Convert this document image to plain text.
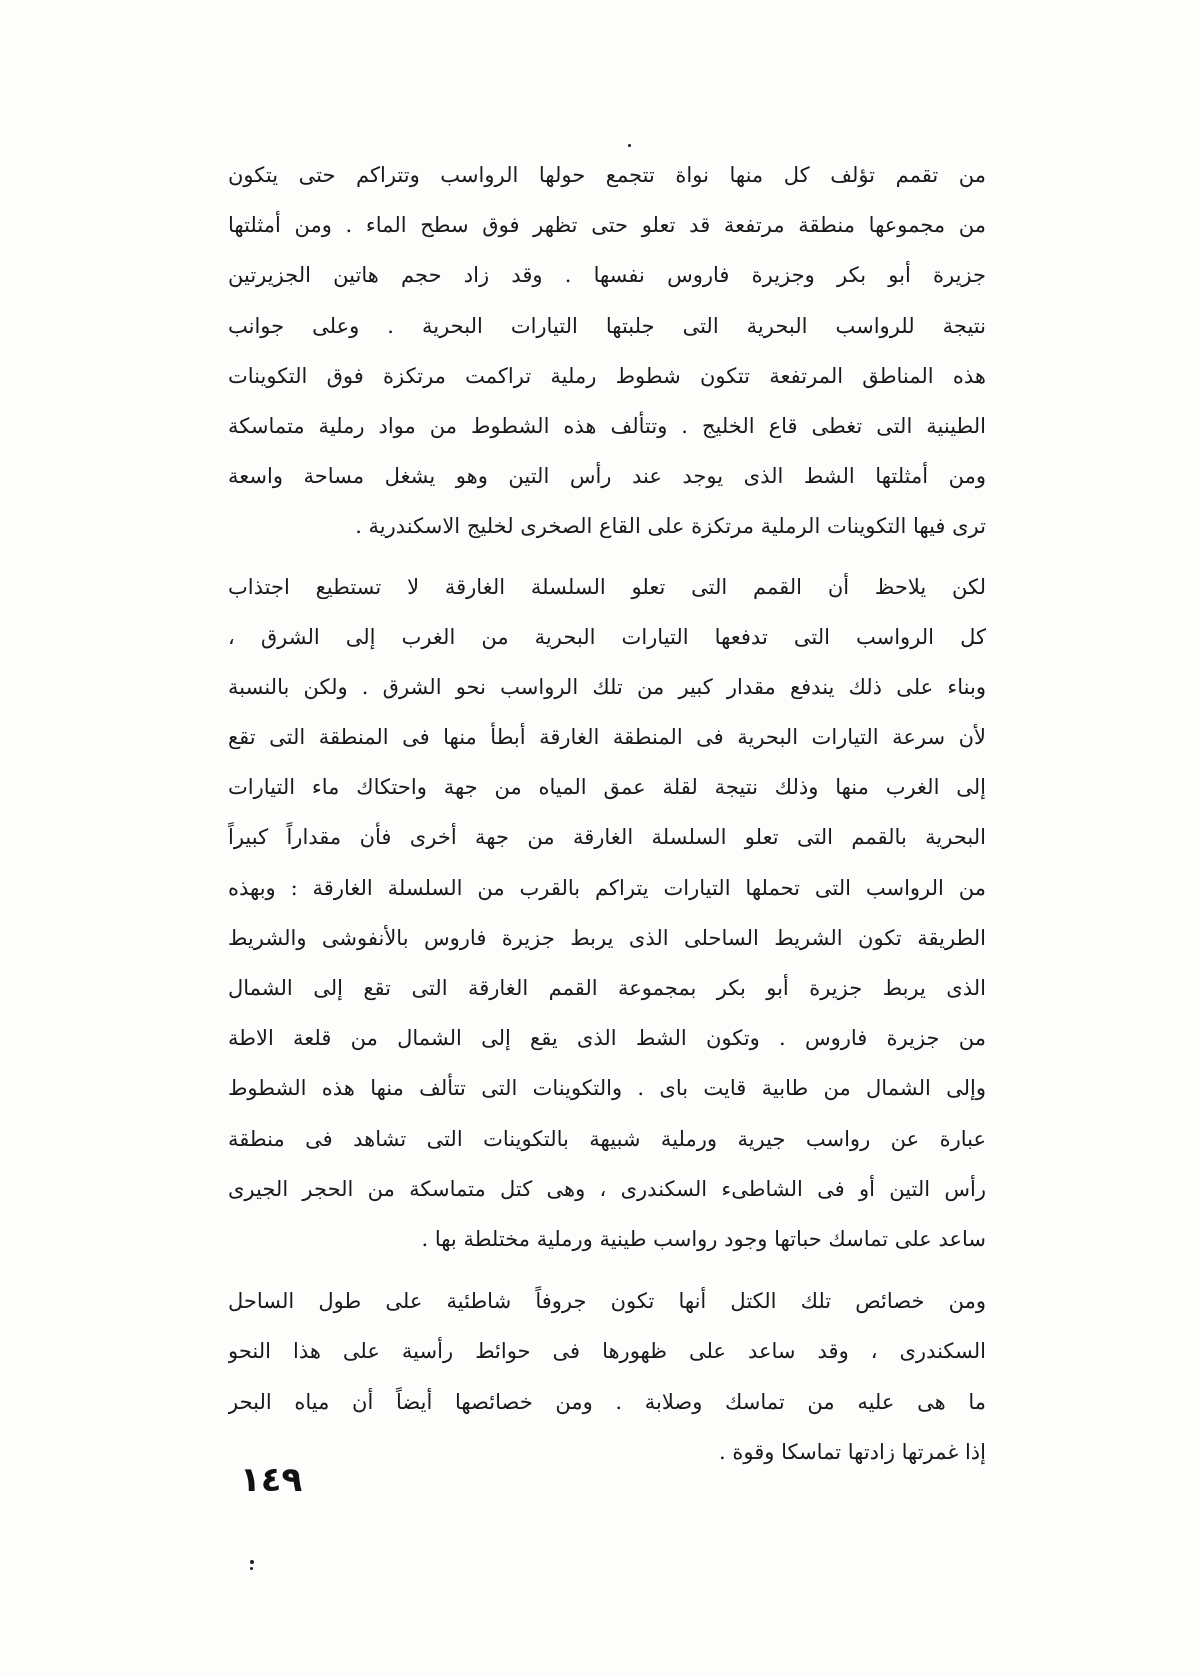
من تقمم تؤلف كل منها نواة تتجمع حولها الرواسب وتتراكم حتى يتكون
من مجموعها منطقة مرتفعة قد تعلو حتى تظهر فوق سطح الماء . ومن أمثلتها
جزيرة أبو بكر وجزيرة فاروس نفسها . وقد زاد حجم هاتين الجزيرتين
نتيجة للرواسب البحرية التى جلبتها التيارات البحرية . وعلى جوانب
هذه المناطق المرتفعة تتكون شطوط رملية تراكمت مرتكزة فوق التكوينات
الطينية التى تغطى قاع الخليج . وتتألف هذه الشطوط من مواد رملية متماسكة
ومن أمثلتها الشط الذى يوجد عند رأس التين وهو يشغل مساحة واسعة
ترى فيها التكوينات الرملية مرتكزة على القاع الصخرى لخليج الاسكندرية .

لكن يلاحظ أن القمم التى تعلو السلسلة الغارقة لا تستطيع اجتذاب
كل الرواسب التى تدفعها التيارات البحرية من الغرب إلى الشرق ،
وبناء على ذلك يندفع مقدار كبير من تلك الرواسب نحو الشرق . ولكن بالنسبة
لأن سرعة التيارات البحرية فى المنطقة الغارقة أبطأ منها فى المنطقة التى تقع
إلى الغرب منها وذلك نتيجة لقلة عمق المياه من جهة واحتكاك ماء التيارات
البحرية بالقمم التى تعلو السلسلة الغارقة من جهة أخرى فأن مقداراً كبيراً
من الرواسب التى تحملها التيارات يتراكم بالقرب من السلسلة الغارقة : وبهذه
الطريقة تكون الشريط الساحلى الذى يربط جزيرة فاروس بالأنفوشى والشريط
الذى يربط جزيرة أبو بكر بمجموعة القمم الغارقة التى تقع إلى الشمال
من جزيرة فاروس . وتكون الشط الذى يقع إلى الشمال من قلعة الاطة
وإلى الشمال من طابية قايت باى . والتكوينات التى تتألف منها هذه الشطوط
عبارة عن رواسب جيرية ورملية شبيهة بالتكوينات التى تشاهد فى منطقة
رأس التين أو فى الشاطىء السكندرى ، وهى كتل متماسكة من الحجر الجيرى
ساعد على تماسك حباتها وجود رواسب طينية ورملية مختلطة بها .

ومن خصائص تلك الكتل أنها تكون جروفاً شاطئية على طول الساحل
السكندرى ، وقد ساعد على ظهورها فى حوائط رأسية على هذا النحو
ما هى عليه من تماسك وصلابة . ومن خصائصها أيضاً أن مياه البحر
إذا غمرتها زادتها تماسكا وقوة .

١٤٩
